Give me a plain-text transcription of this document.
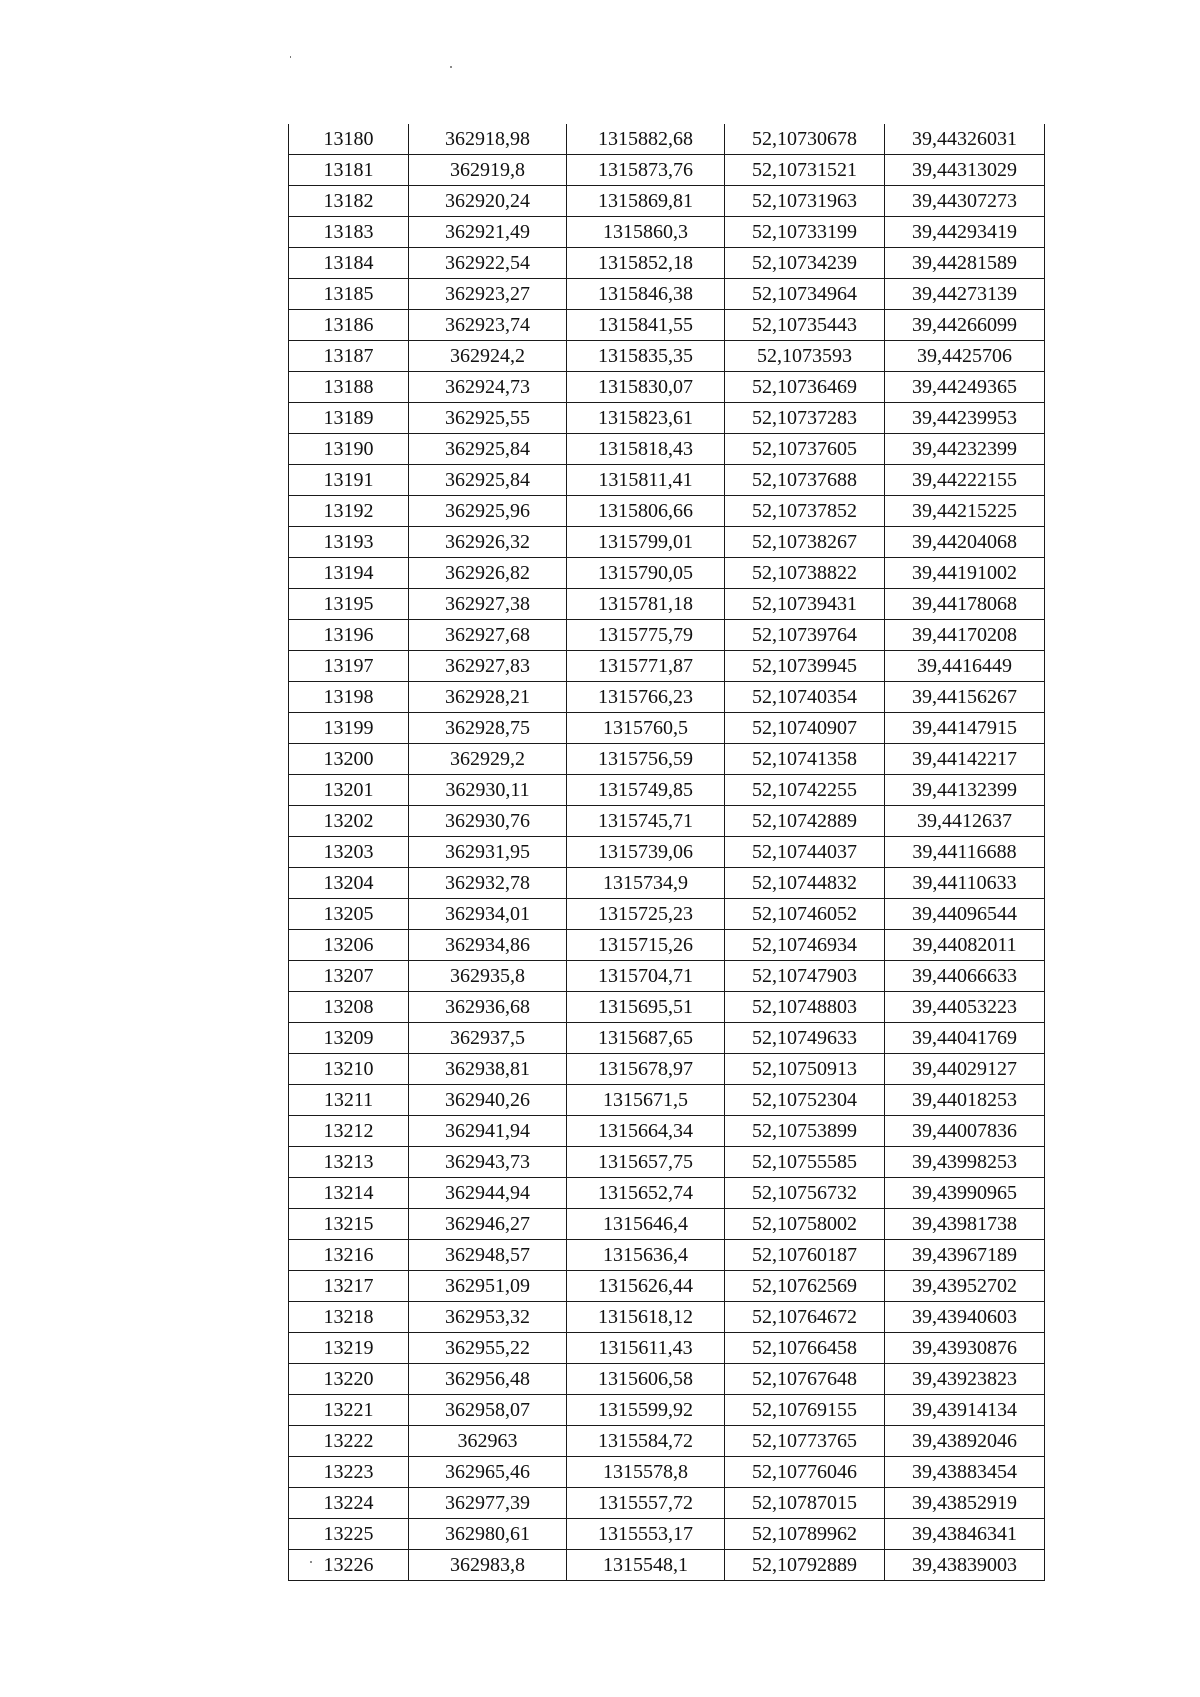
13180	362918,98	1315882,68	52,10730678	39,44326031
13181	362919,8	1315873,76	52,10731521	39,44313029
13182	362920,24	1315869,81	52,10731963	39,44307273
13183	362921,49	1315860,3	52,10733199	39,44293419
13184	362922,54	1315852,18	52,10734239	39,44281589
13185	362923,27	1315846,38	52,10734964	39,44273139
13186	362923,74	1315841,55	52,10735443	39,44266099
13187	362924,2	1315835,35	52,1073593	39,4425706
13188	362924,73	1315830,07	52,10736469	39,44249365
13189	362925,55	1315823,61	52,10737283	39,44239953
13190	362925,84	1315818,43	52,10737605	39,44232399
13191	362925,84	1315811,41	52,10737688	39,44222155
13192	362925,96	1315806,66	52,10737852	39,44215225
13193	362926,32	1315799,01	52,10738267	39,44204068
13194	362926,82	1315790,05	52,10738822	39,44191002
13195	362927,38	1315781,18	52,10739431	39,44178068
13196	362927,68	1315775,79	52,10739764	39,44170208
13197	362927,83	1315771,87	52,10739945	39,4416449
13198	362928,21	1315766,23	52,10740354	39,44156267
13199	362928,75	1315760,5	52,10740907	39,44147915
13200	362929,2	1315756,59	52,10741358	39,44142217
13201	362930,11	1315749,85	52,10742255	39,44132399
13202	362930,76	1315745,71	52,10742889	39,4412637
13203	362931,95	1315739,06	52,10744037	39,44116688
13204	362932,78	1315734,9	52,10744832	39,44110633
13205	362934,01	1315725,23	52,10746052	39,44096544
13206	362934,86	1315715,26	52,10746934	39,44082011
13207	362935,8	1315704,71	52,10747903	39,44066633
13208	362936,68	1315695,51	52,10748803	39,44053223
13209	362937,5	1315687,65	52,10749633	39,44041769
13210	362938,81	1315678,97	52,10750913	39,44029127
13211	362940,26	1315671,5	52,10752304	39,44018253
13212	362941,94	1315664,34	52,10753899	39,44007836
13213	362943,73	1315657,75	52,10755585	39,43998253
13214	362944,94	1315652,74	52,10756732	39,43990965
13215	362946,27	1315646,4	52,10758002	39,43981738
13216	362948,57	1315636,4	52,10760187	39,43967189
13217	362951,09	1315626,44	52,10762569	39,43952702
13218	362953,32	1315618,12	52,10764672	39,43940603
13219	362955,22	1315611,43	52,10766458	39,43930876
13220	362956,48	1315606,58	52,10767648	39,43923823
13221	362958,07	1315599,92	52,10769155	39,43914134
13222	362963	1315584,72	52,10773765	39,43892046
13223	362965,46	1315578,8	52,10776046	39,43883454
13224	362977,39	1315557,72	52,10787015	39,43852919
13225	362980,61	1315553,17	52,10789962	39,43846341
13226	362983,8	1315548,1	52,10792889	39,43839003
